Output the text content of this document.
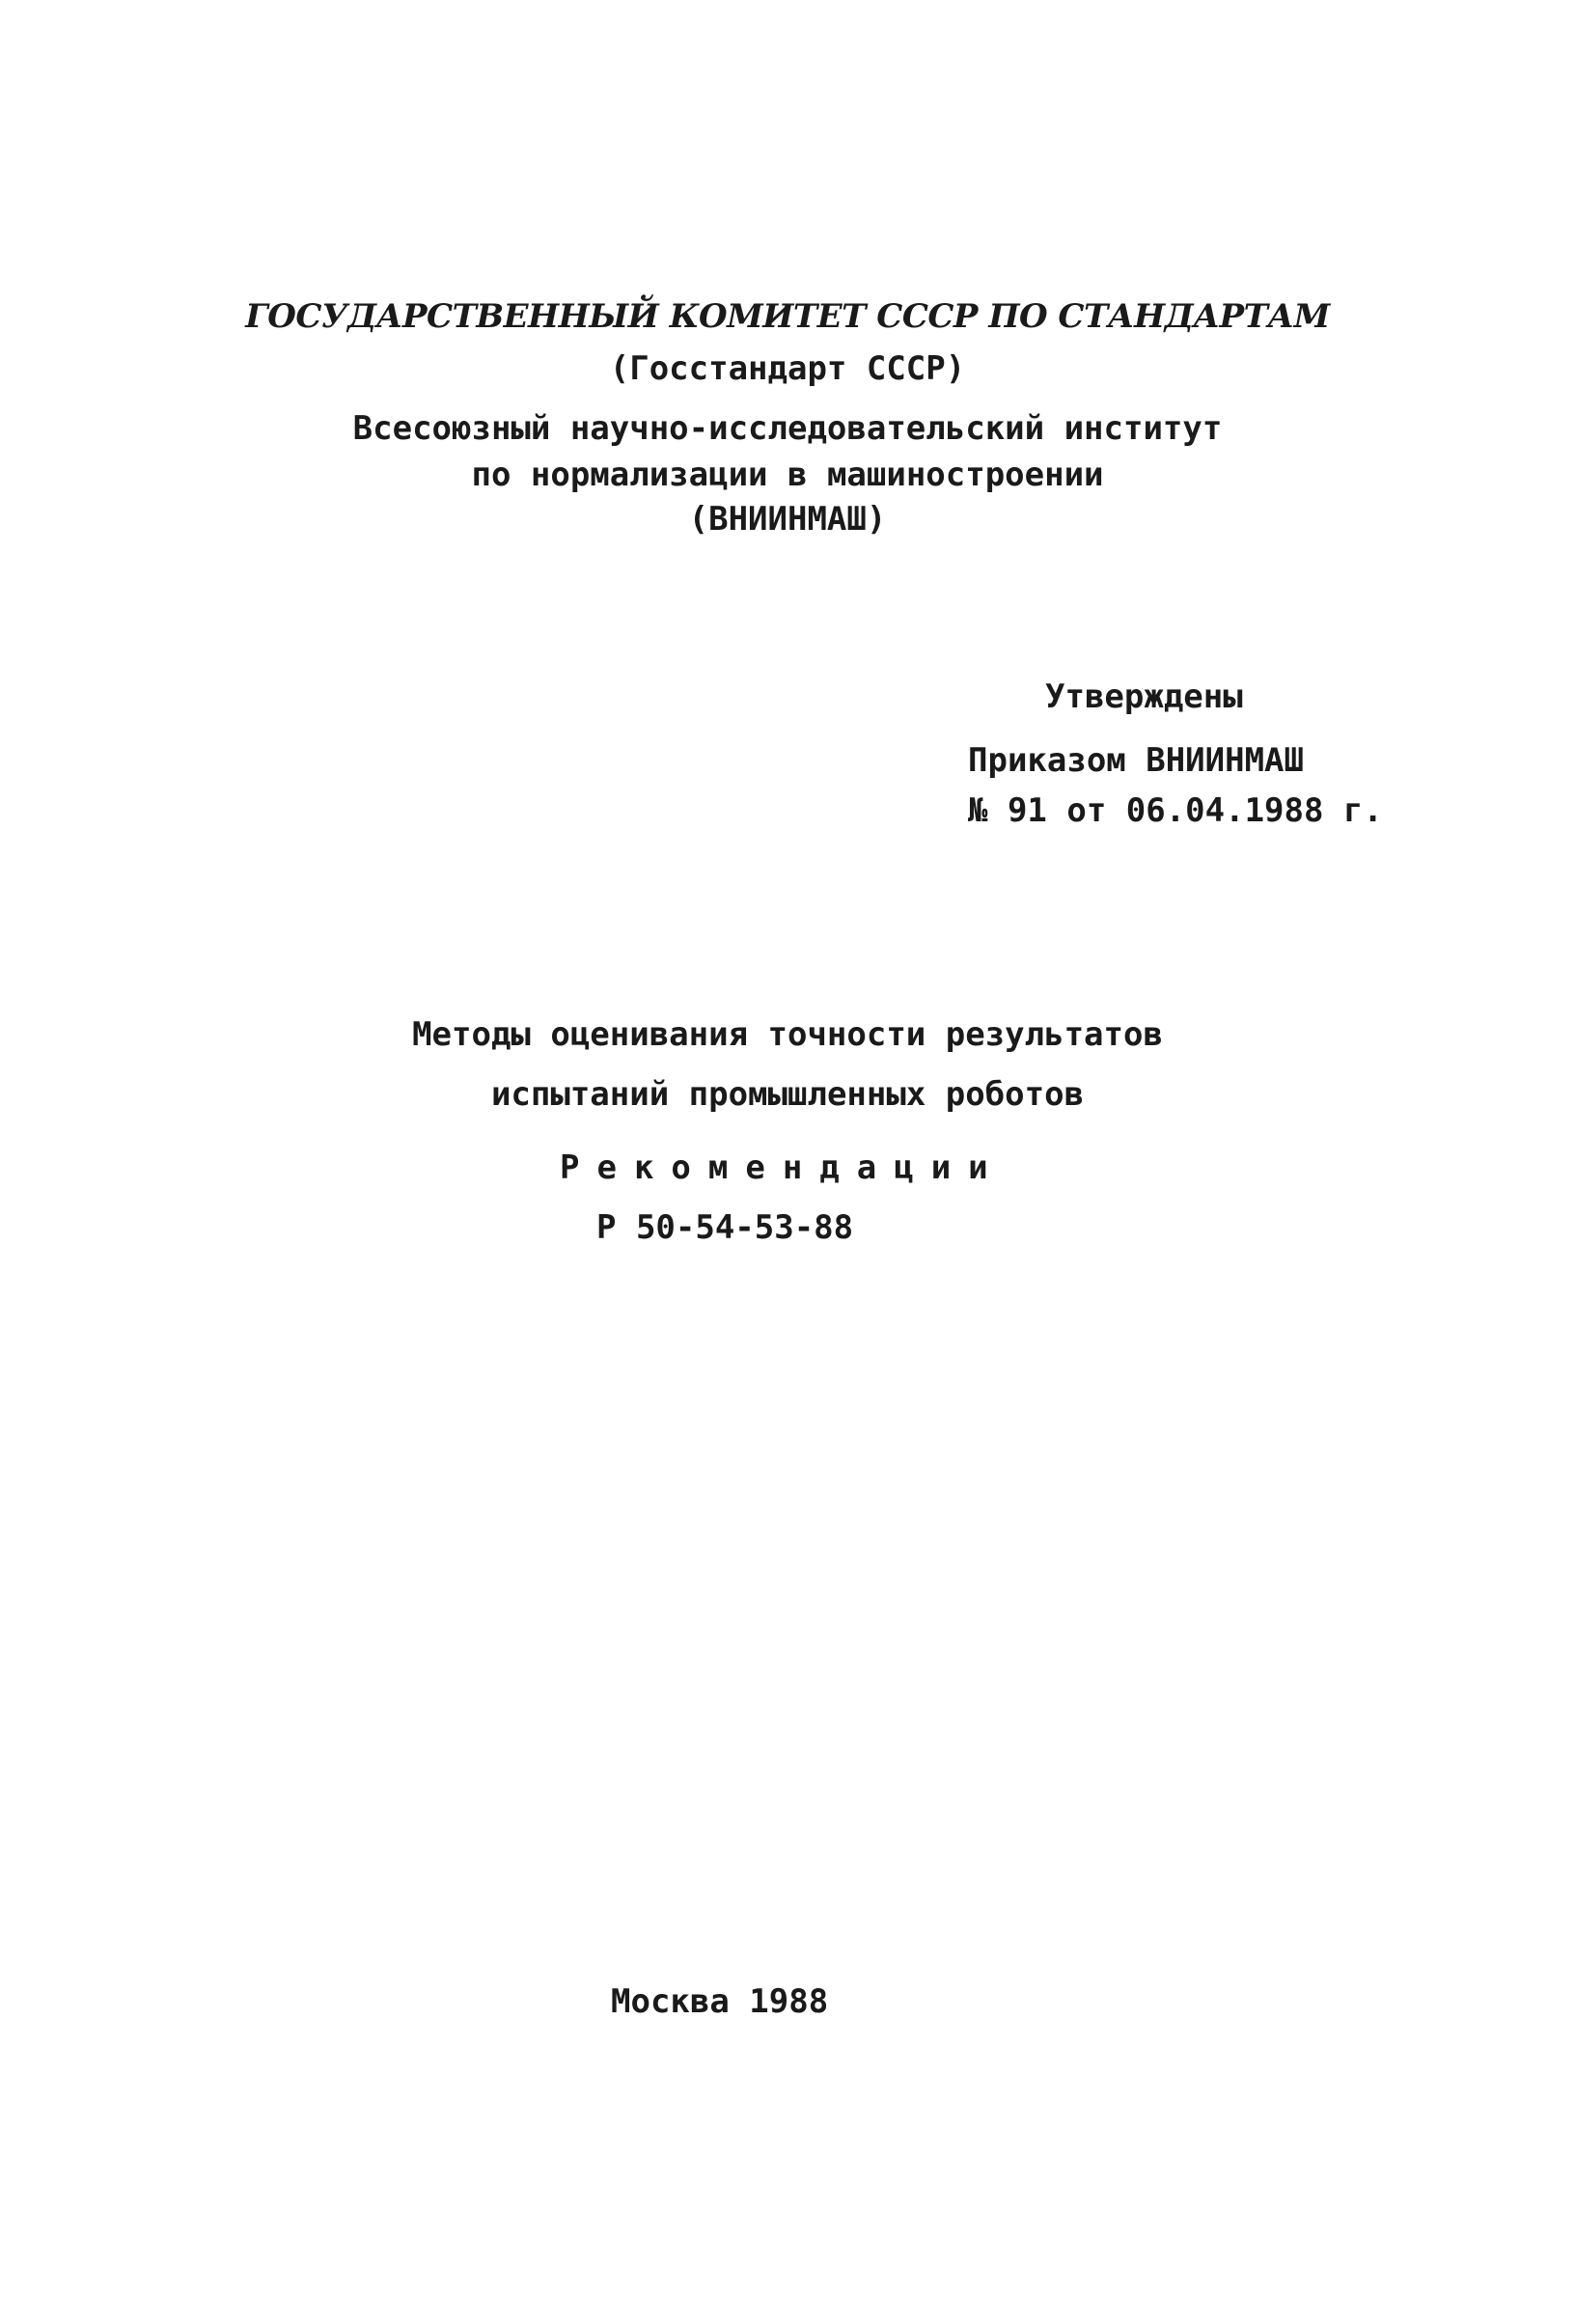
ГОСУДАРСТВЕННЫЙ КОМИТЕТ СССР ПО СТАНДАРТАМ
(Госстандарт СССР)
Всесоюзный научно-исследовательский институт
по нормализации в машиностроении
(ВНИИНМАШ)
Утверждены
Приказом ВНИИНМАШ
№ 91 от 06.04.1988 г.
Методы оценивания точности результатов
испытаний промышленных роботов
Рекомендации
Р 50-54-53-88
Москва 1988
